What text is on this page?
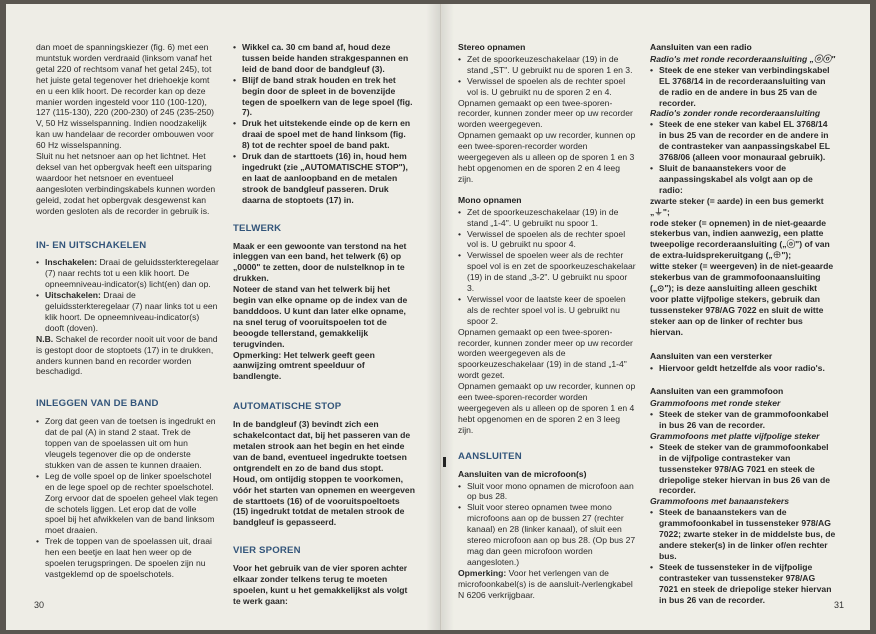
dan moet de spanningskiezer (fig. 6) met een muntstuk worden verdraaid (linksom vanaf het getal 220 of rechtsom vanaf het getal 245), tot het juiste getal tegenover het driehoekje komt en u een klik hoort. De recorder kan op deze manier worden ingesteld voor 110 (100-120), 127 (115-130), 220 (200-230) of 245 (235-250) V, 50 Hz wisselspanning. Indien noodzakelijk kan uw handelaar de recorder ombouwen voor 60 Hz wisselspanning.

Sluit nu het netsnoer aan op het lichtnet. Het deksel van het opbergvak heeft een uitsparing waardoor het netsnoer en eventueel aangesloten verbindingskabels kunnen worden geleid, zodat het opbergvak desgewenst kan worden gesloten als de recorder in gebruik is.

IN- EN UITSCHAKELEN

• Inschakelen: Draai de geluidssterkteregelaar (7) naar rechts tot u een klik hoort. De opneemniveau-indicator(s) licht(en) dan op.

• Uitschakelen: Draai de geluidssterkteregelaar (7) naar links tot u een klik hoort. De opneemniveau-indicator(s) dooft (doven).

N.B. Schakel de recorder nooit uit voor de band is gestopt door de stoptoets (17) in te drukken, anders kunnen band en recorder worden beschadigd.

INLEGGEN VAN DE BAND

• Zorg dat geen van de toetsen is ingedrukt en dat de pal (A) in stand 2 staat. Trek de toppen van de spoelassen uit om hun vleugels tegenover die op de onderste stukken van de assen te kunnen draaien.

• Leg de volle spoel op de linker spoelschotel en de lege spoel op de rechter spoelschotel. Zorg ervoor dat de spoelen geheel vlak tegen de schotels liggen. Let erop dat de volle spoel bij het afwikkelen van de band linksom moet draaien.

• Trek de toppen van de spoelassen uit, draai hen een beetje en laat hen weer op de spoelen terugspringen. De spoelen zijn nu vastgeklemd op de spoelschotels.

• Wikkel ca. 30 cm band af, houd deze tussen beide handen strakgespannen en leid de band door de bandgleuf (3).

• Blijf de band strak houden en trek het begin door de spleet in de bovenzijde tegen de spoelkern van de lege spoel (fig. 7).

• Druk het uitstekende einde op de kern en draai de spoel met de hand linksom (fig. 8) tot de rechter spoel de band pakt.

• Druk dan de starttoets (16) in, houd hem ingedrukt (zie „AUTOMATISCHE STOP"), en laat de aanloopband en de metalen strook de bandgleuf passeren. Druk daarna de stoptoets (17) in.

TELWERK

Maak er een gewoonte van terstond na het inleggen van een band, het telwerk (6) op „0000" te zetten, door de nulstelknop in te drukken.

Noteer de stand van het telwerk bij het begin van elke opname op de index van de bandddoos. U kunt dan later elke opname, na snel terug of vooruitspoelen tot de beoogde tellerstand, gemakkelijk terugvinden.

Opmerking: Het telwerk geeft geen aanwijzing omtrent speelduur of bandlengte.

AUTOMATISCHE STOP

In de bandgleuf (3) bevindt zich een schakelcontact dat, bij het passeren van de metalen strook aan het begin en het einde van de band, eventueel ingedrukte toetsen ontgrendelt en zo de band dus stopt.

Houd, om ontijdig stoppen te voorkomen, vóór het starten van opnemen en weergeven de starttoets (16) of de vooruitspoeltoets (15) ingedrukt totdat de metalen strook de bandgleuf is gepasseerd.

VIER SPOREN

Voor het gebruik van de vier sporen achter elkaar zonder telkens terug te moeten spoelen, kunt u het gemakkelijkst als volgt te werk gaan:

30
Stereo opnamen

• Zet de spoorkeuzeschakelaar (19) in de stand „ST". U gebruikt nu de sporen 1 en 3.

• Verwissel de spoelen als de rechter spoel vol is. U gebruikt nu de sporen 2 en 4.

Opnamen gemaakt op een twee-sporen-recorder, kunnen zonder meer op uw recorder worden weergegeven.

Opnamen gemaakt op uw recorder, kunnen op een twee-sporen-recorder worden weergegeven als u alleen op de sporen 1 en 3 hebt opgenomen en de sporen 2 en 4 leeg zijn.

Mono opnamen

• Zet de spoorkeuzeschakelaar (19) in de stand „1-4". U gebruikt nu spoor 1.

• Verwissel de spoelen als de rechter spoel vol is. U gebruikt nu spoor 4.

• Verwissel de spoelen weer als de rechter spoel vol is en zet de spoorkeuzeschakelaar (19) in de stand „3-2". U gebruikt nu spoor 3.

• Verwissel voor de laatste keer de spoelen als de rechter spoel vol is. U gebruikt nu spoor 2.

Opnamen gemaakt op een twee-sporen-recorder, kunnen zonder meer op uw recorder worden weergegeven als de spoorkeuzeschakelaar (19) in de stand „1-4" wordt gezet.

Opnamen gemaakt op uw recorder, kunnen op een twee-sporen-recorder worden weergegeven als u alleen op de sporen 1 en 4 hebt opgenomen en de sporen 2 en 3 leeg zijn.

AANSLUITEN
Aansluiten van de microfoon(s)

• Sluit voor mono opnamen de microfoon aan op bus 28.

• Sluit voor stereo opnamen twee mono microfoons aan op de bussen 27 (rechter kanaal) en 28 (linker kanaal), of sluit een stereo microfoon aan op bus 28. (Op bus 27 mag dan geen microfoon worden aangesloten.)

Opmerking: Voor het verlengen van de microfoonkabel(s) is de aansluit-/verlengkabel N 6206 verkrijgbaar.

Aansluiten van een radio

Radio's met ronde recorderaansluiting „ⓞⓞ"

• Steek de ene steker van verbindingskabel EL 3768/14 in de recorderaansluiting van de radio en de andere in bus 25 van de recorder.

Radio's zonder ronde recorderaansluiting

• Steek de ene steker van kabel EL 3768/14 in bus 25 van de recorder en de andere in de contrasteker van aanpassingskabel EL 3768/06 (alleen voor monauraal gebruik).

• Sluit de banaanstekers voor de aanpassingskabel als volgt aan op de radio:

zwarte steker (= aarde) in een bus gemerkt „⏚";

rode steker (= opnemen) in de niet-geaarde stekerbus van, indien aanwezig, een platte tweepolige recorderaansluiting („ⓞ") of van de extra-luidsprekeruitgang („⊕");

witte steker (= weergeven) in de niet-geaarde stekerbus van de grammofoonaansluiting („⊙"); is deze aansluiting alleen geschikt voor platte vijfpolige stekers, gebruik dan tussensteker 978/AG 7022 en sluit de witte steker aan op de linker of rechter bus hiervan.

Aansluiten van een versterker

• Hiervoor geldt hetzelfde als voor radio's.

Aansluiten van een grammofoon

Grammofoons met ronde steker

• Steek de steker van de grammofoonkabel in bus 26 van de recorder.

Grammofoons met platte vijfpolige steker

• Steek de steker van de grammofoonkabel in de vijfpolige contrasteker van tussensteker 978/AG 7021 en steek de driepolige steker hiervan in bus 26 van de recorder.

Grammofoons met banaanstekers

• Steek de banaanstekers van de grammofoonkabel in tussensteker 978/AG 7022; zwarte steker in de middelste bus, de andere steker(s) in de linker of/en rechter bus.

• Steek de tussensteker in de vijfpolige contrasteker van tussensteker 978/AG 7021 en steek de driepolige steker hiervan in bus 26 van de recorder.

31
